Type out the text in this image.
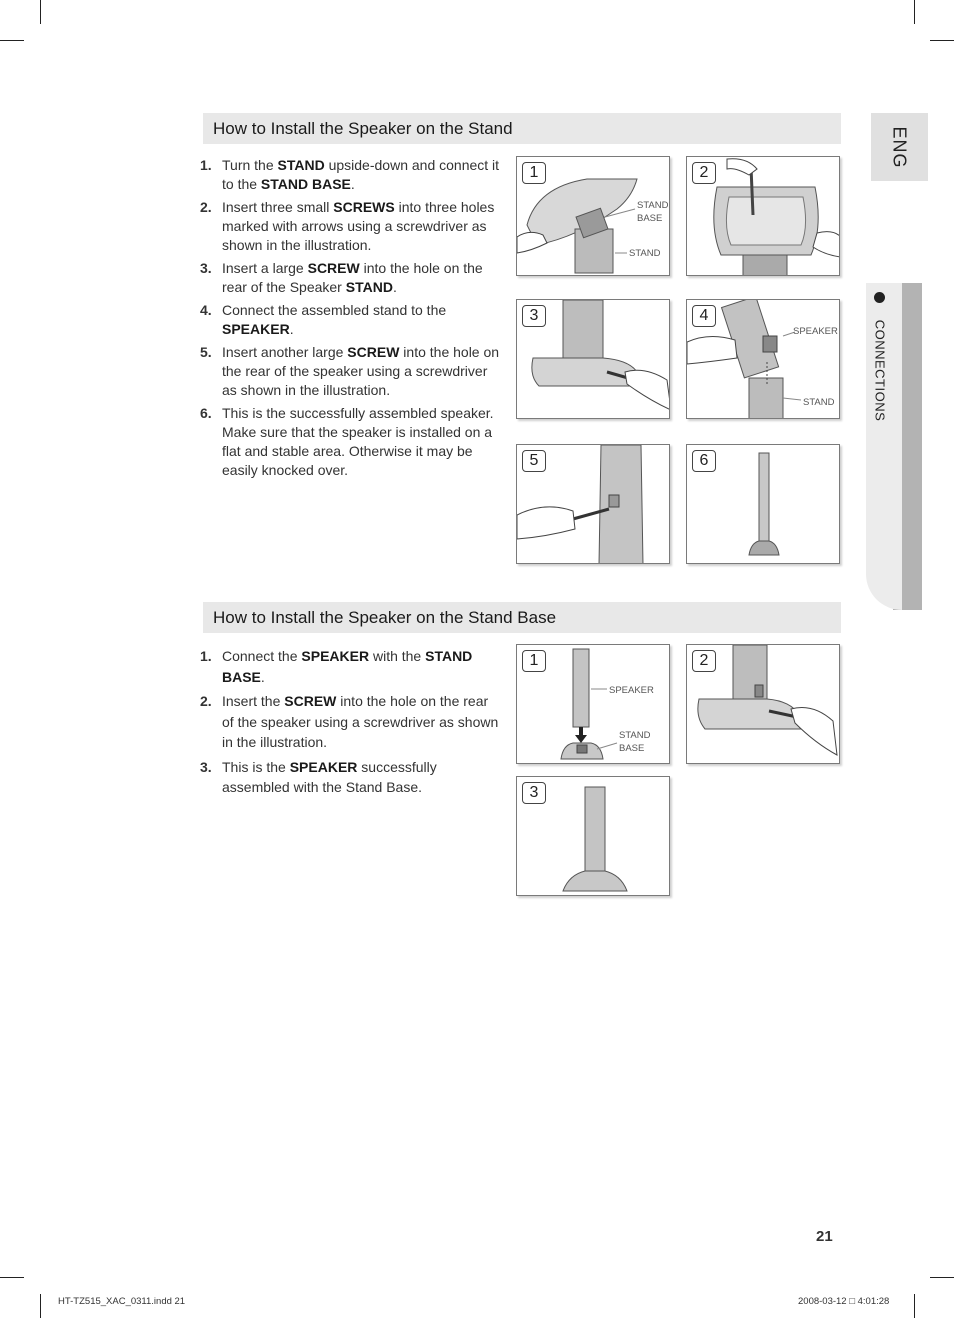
ENG
CONNECTIONS
How to Install the Speaker on the Stand
1. Turn the STAND upside-down and connect it to the STAND BASE.
2. Insert three small SCREWS into three holes marked with arrows using a screwdriver as shown in the illustration.
3. Insert a large SCREW into the hole on the rear of the Speaker STAND.
4. Connect the assembled stand to the SPEAKER.
5. Insert another large SCREW into the hole on the rear of the speaker using a screwdriver as shown in the illustration.
6. This is the successfully assembled speaker. Make sure that the speaker is installed on a flat and stable area. Otherwise it may be easily knocked over.
1
STAND BASE
STAND
2
3	4
SPEAKER
STAND
5	6
How to Install the Speaker on the Stand Base
1. Connect the SPEAKER with the STAND BASE.
2. Insert the SCREW into the hole on the rear of the speaker using a screwdriver as shown in the illustration.
3. This is the SPEAKER successfully assembled with the Stand Base.
1
SPEAKER
STAND BASE
2
3
21
HT-TZ515_XAC_0311.indd 21	2008-03-12 □ 4:01:28
